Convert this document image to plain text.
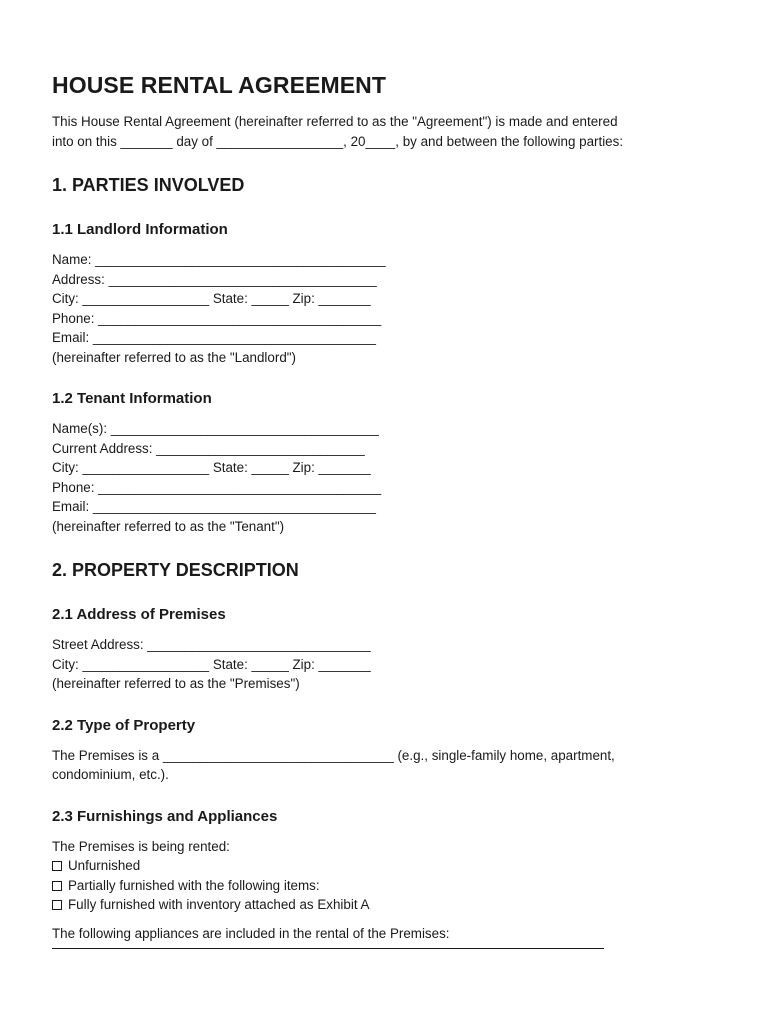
HOUSE RENTAL AGREEMENT

This House Rental Agreement (hereinafter referred to as the "Agreement") is made and entered
into on this _______ day of _________________, 20____, by and between the following parties:

1. PARTIES INVOLVED
1.1 Landlord Information

Name: _______________________________________

Address: ____________________________________

City: _________________ State: _____ Zip: _______

Phone: ______________________________________

Email: ______________________________________

(hereinafter referred to as the "Landlord")

1.2 Tenant Information

Name(s): ____________________________________

Current Address: ____________________________

City: _________________ State: _____ Zip: _______

Phone: ______________________________________

Email: ______________________________________

(hereinafter referred to as the "Tenant")

2. PROPERTY DESCRIPTION
2.1 Address of Premises

Street Address: ______________________________

City: _________________ State: _____ Zip: _______

(hereinafter referred to as the "Premises")

2.2 Type of Property

The Premises is a _______________________________ (e.g., single-family home, apartment,
condominium, etc.).

2.3 Furnishings and Appliances

The Premises is being rented:

Unfurnished

Partially furnished with the following items:

Fully furnished with inventory attached as Exhibit A

The following appliances are included in the rental of the Premises:
